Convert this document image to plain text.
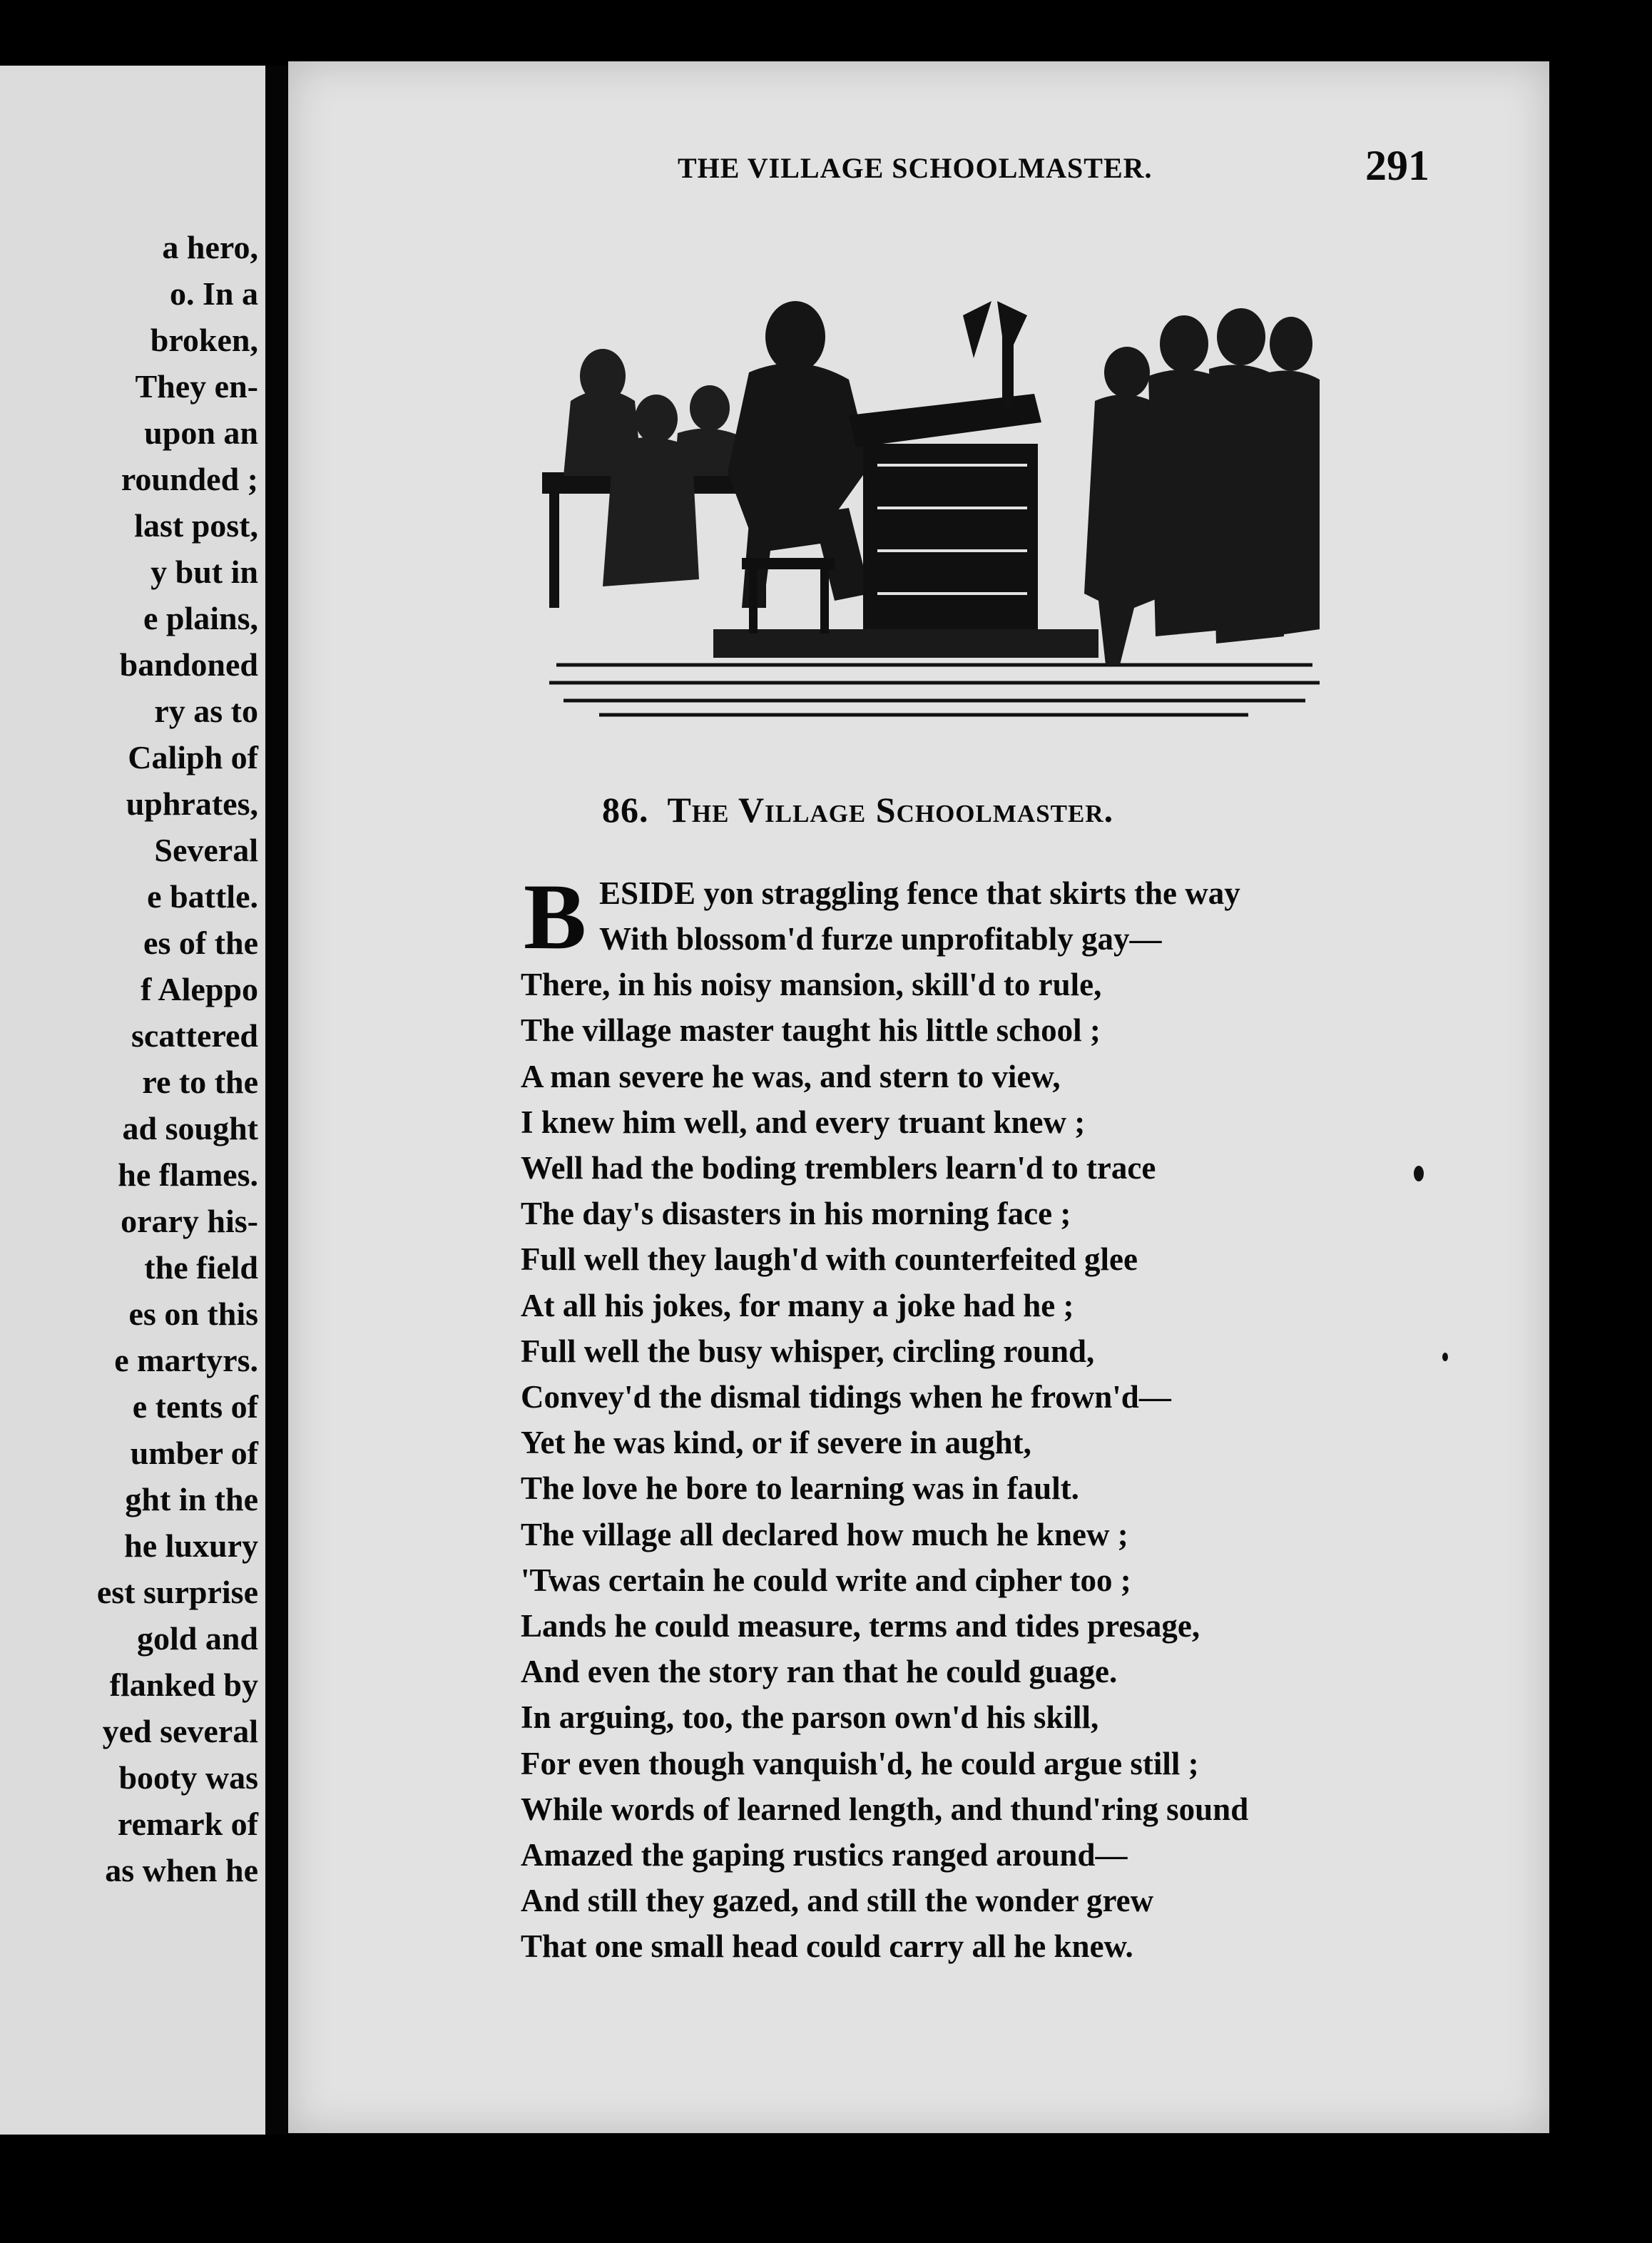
a hero,
o. In a
broken,
They en-
upon an
rounded ;
last post,
y but in
e plains,
bandoned
ry as to
Caliph of
uphrates,
Several
e battle.
es of the
f Aleppo
scattered
re to the
ad sought
he flames.
orary his-
the field
es on this
e martyrs.
e tents of
umber of
ght in the
he luxury
est surprise
gold and
flanked by
yed several
booty was
remark of
as when he
THE VILLAGE SCHOOLMASTER.	291
86. The Village Schoolmaster.
B ESIDE yon straggling fence that skirts the way
With blossom'd furze unprofitably gay—
There, in his noisy mansion, skill'd to rule,
The village master taught his little school ;
A man severe he was, and stern to view,
I knew him well, and every truant knew ;
Well had the boding tremblers learn'd to trace
The day's disasters in his morning face ;
Full well they laugh'd with counterfeited glee
At all his jokes, for many a joke had he ;
Full well the busy whisper, circling round,
Convey'd the dismal tidings when he frown'd—
Yet he was kind, or if severe in aught,
The love he bore to learning was in fault.
The village all declared how much he knew ;
'Twas certain he could write and cipher too ;
Lands he could measure, terms and tides presage,
And even the story ran that he could guage.
In arguing, too, the parson own'd his skill,
For even though vanquish'd, he could argue still ;
While words of learned length, and thund'ring sound
Amazed the gaping rustics ranged around—
And still they gazed, and still the wonder grew
That one small head could carry all he knew.
